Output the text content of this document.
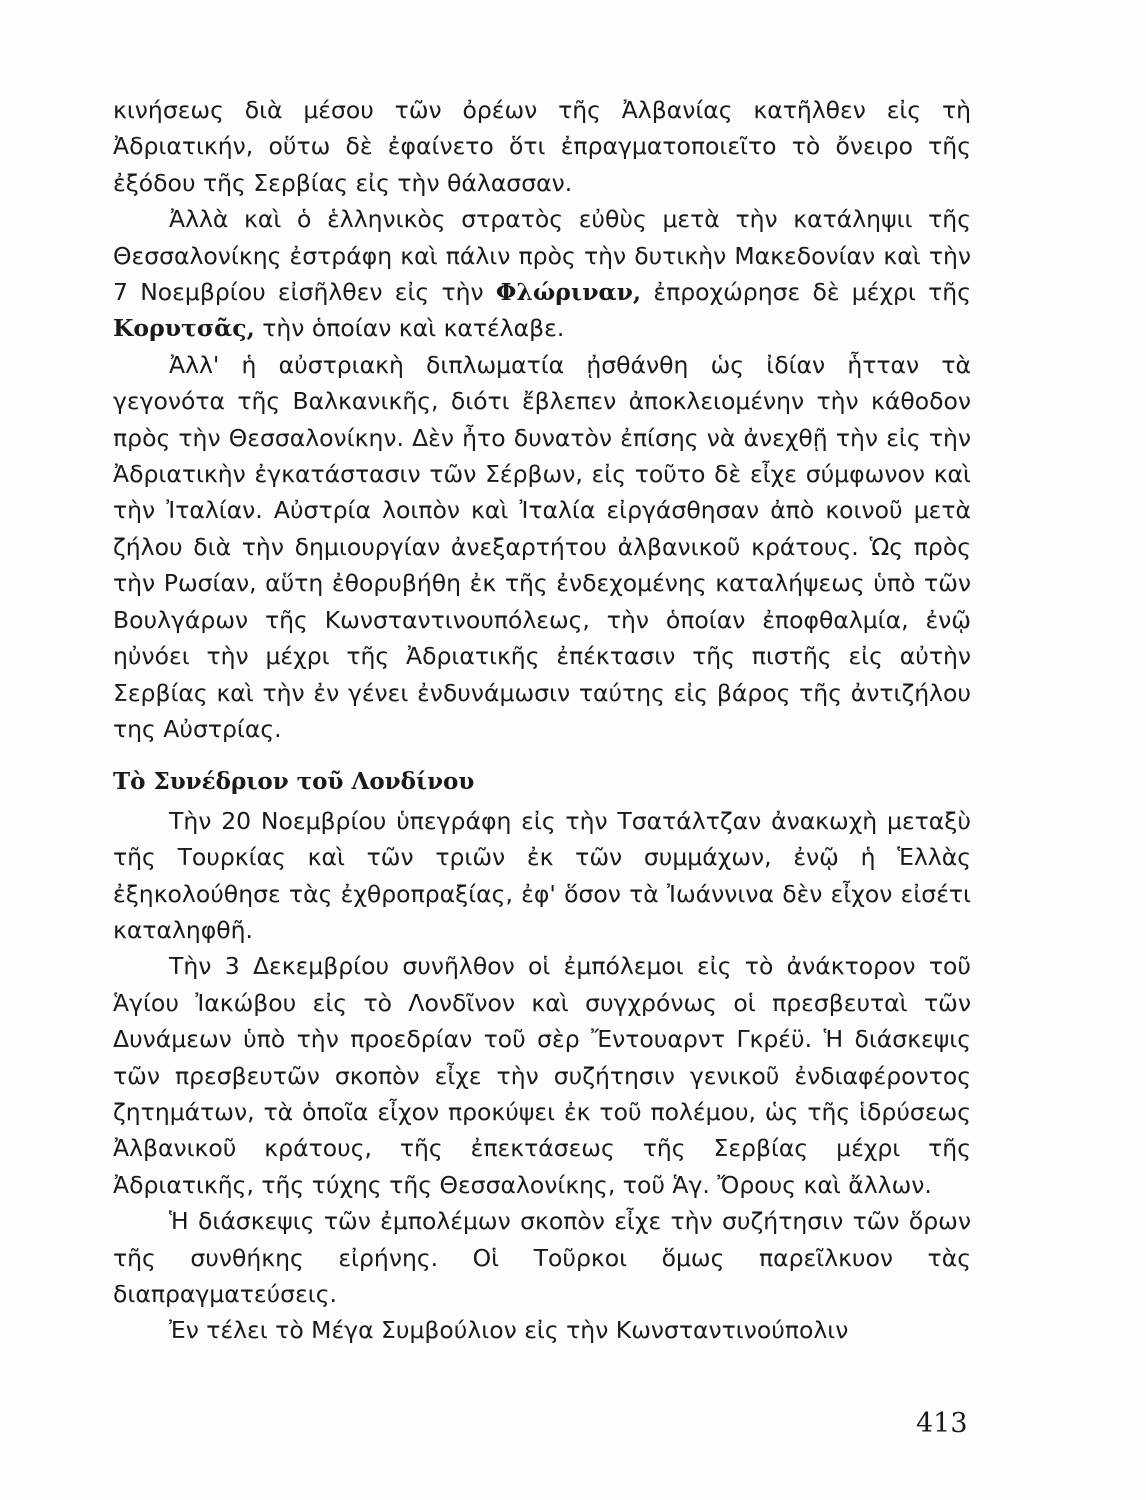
κινήσεως διὰ μέσου τῶν ὀρέων τῆς Ἀλβανίας κατῆλθεν εἰς τὴ Ἀδριατικήν, οὕτω δὲ ἐφαίνετο ὅτι ἐπραγματοποιεῖτο τὸ ὄνειρο τῆς ἐξόδου τῆς Σερβίας εἰς τὴν θάλασσαν.

Ἀλλὰ καὶ ὁ ἑλληνικὸς στρατὸς εὐθὺς μετὰ τὴν κατάληψιι τῆς Θεσσαλονίκης ἐστράφη καὶ πάλιν πρὸς τὴν δυτικὴν Μακεδονίαν καὶ τὴν 7 Νοεμβρίου εἰσῆλθεν εἰς τὴν Φλώριναν, ἐπροχώρησε δὲ μέχρι τῆς Κορυτσᾶς, τὴν ὁποίαν καὶ κατέλαβε.

Ἀλλ' ἡ αὐστριακὴ διπλωματία ᾐσθάνθη ὡς ἰδίαν ἧτταν τὰ γεγονότα τῆς Βαλκανικῆς, διότι ἔβλεπεν ἀποκλειομένην τὴν κάθοδον πρὸς τὴν Θεσσαλονίκην. Δὲν ἦτο δυνατὸν ἐπίσης νὰ ἀνεχθῇ τὴν εἰς τὴν Ἀδριατικὴν ἐγκατάστασιν τῶν Σέρβων, εἰς τοῦτο δὲ εἶχε σύμφωνον καὶ τὴν Ἰταλίαν. Αὐστρία λοιπὸν καὶ Ἰταλία εἰργάσθησαν ἀπὸ κοινοῦ μετὰ ζήλου διὰ τὴν δημιουργίαν ἀνεξαρτήτου ἀλβανικοῦ κράτους. Ὡς πρὸς τὴν Ρωσίαν, αὕτη ἐθορυβήθη ἐκ τῆς ἐνδεχομένης καταλήψεως ὑπὸ τῶν Βουλγάρων τῆς Κωνσταντινουπόλεως, τὴν ὁποίαν ἐποφθαλμία, ἐνῷ ηὐνόει τὴν μέχρι τῆς Ἀδριατικῆς ἐπέκτασιν τῆς πιστῆς εἰς αὐτὴν Σερβίας καὶ τὴν ἐν γένει ἐνδυνάμωσιν ταύτης εἰς βάρος τῆς ἀντιζήλου της Αὐστρίας.

Τὸ Συνέδριον τοῦ Λονδίνου

Τὴν 20 Νοεμβρίου ὑπεγράφη εἰς τὴν Τσατάλτζαν ἀνακωχὴ μεταξὺ τῆς Τουρκίας καὶ τῶν τριῶν ἐκ τῶν συμμάχων, ἐνῷ ἡ Ἑλλὰς ἐξηκολούθησε τὰς ἐχθροπραξίας, ἐφ' ὅσον τὰ Ἰωάννινα δὲν εἶχον εἰσέτι καταληφθῆ.

Τὴν 3 Δεκεμβρίου συνῆλθον οἱ ἐμπόλεμοι εἰς τὸ ἀνάκτορον τοῦ Ἁγίου Ἰακώβου εἰς τὸ Λονδῖνον καὶ συγχρόνως οἱ πρεσβευταὶ τῶν Δυνάμεων ὑπὸ τὴν προεδρίαν τοῦ σὲρ Ἔντουαρντ Γκρέϋ. Ἡ διάσκεψις τῶν πρεσβευτῶν σκοπὸν εἶχε τὴν συζήτησιν γενικοῦ ἐνδιαφέροντος ζητημάτων, τὰ ὁποῖα εἶχον προκύψει ἐκ τοῦ πολέμου, ὡς τῆς ἱδρύσεως Ἀλβανικοῦ κράτους, τῆς ἐπεκτάσεως τῆς Σερβίας μέχρι τῆς Ἀδριατικῆς, τῆς τύχης τῆς Θεσσαλονίκης, τοῦ Ἁγ. Ὄρους καὶ ἄλλων.

Ἡ διάσκεψις τῶν ἐμπολέμων σκοπὸν εἶχε τὴν συζήτησιν τῶν ὅρων τῆς συνθήκης εἰρήνης. Οἱ Τοῦρκοι ὅμως παρεῖλκυον τὰς διαπραγματεύσεις.

Ἐν τέλει τὸ Μέγα Συμβούλιον εἰς τὴν Κωνσταντινούπολιν

413
